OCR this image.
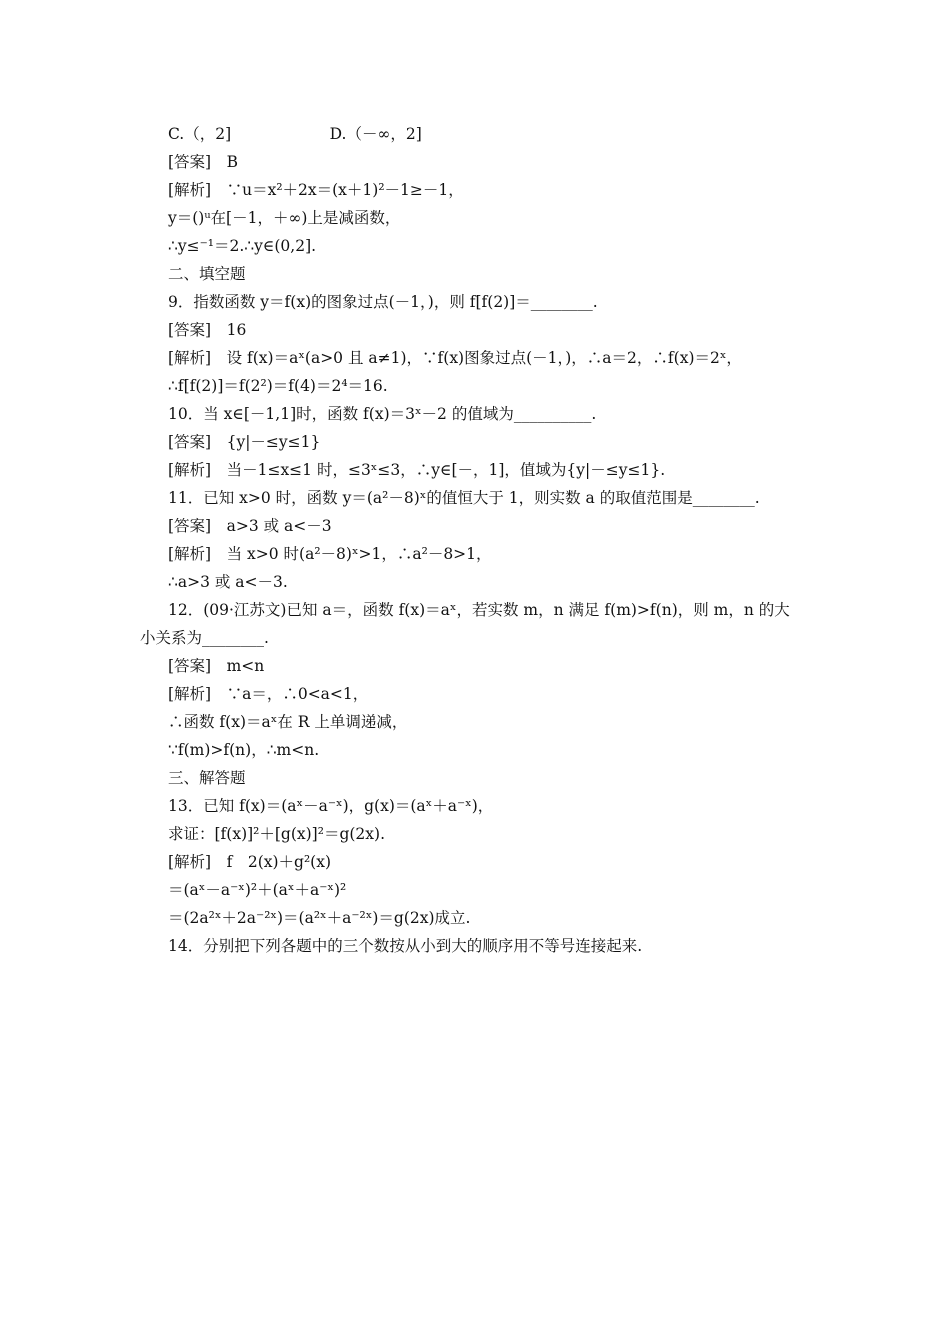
C.（，2]                    D.（－∞，2]
[答案]　B
[解析]　∵u＝x²＋2x＝(x＋1)²－1≥－1，
y＝()ᵘ在[－1，＋∞)上是减函数，
∴y≤⁻¹＝2.∴y∈(0,2].
二、填空题
9．指数函数 y＝f(x)的图象过点(－1，)，则 f[f(2)]＝________.
[答案]　16
[解析]　设 f(x)＝aˣ(a>0 且 a≠1)，∵f(x)图象过点(－1，)，∴a＝2，∴f(x)＝2ˣ，
∴f[f(2)]＝f(2²)＝f(4)＝2⁴＝16.
10．当 x∈[－1,1]时，函数 f(x)＝3ˣ－2 的值域为__________.
[答案]　{y|－≤y≤1}
[解析]　当－1≤x≤1 时，≤3ˣ≤3，∴y∈[－，1]，值域为{y|－≤y≤1}.
11．已知 x>0 时，函数 y＝(a²－8)ˣ的值恒大于 1，则实数 a 的取值范围是________.
[答案]　a>3 或 a<－3
[解析]　当 x>0 时(a²－8)ˣ>1，∴a²－8>1，
∴a>3 或 a<－3.
12．(09·江苏文)已知 a＝，函数 f(x)＝aˣ，若实数 m，n 满足 f(m)>f(n)，则 m，n 的大
小关系为________.
[答案]　m<n
[解析]　∵a＝，∴0<a<1，
∴函数 f(x)＝aˣ在 R 上单调递减，
∵f(m)>f(n)，∴m<n.
三、解答题
13．已知 f(x)＝(aˣ－a⁻ˣ)，g(x)＝(aˣ＋a⁻ˣ)，
求证：[f(x)]²＋[g(x)]²＝g(2x).
[解析]　f　2(x)＋g²(x)
＝(aˣ－a⁻ˣ)²＋(aˣ＋a⁻ˣ)²
＝(2a²ˣ＋2a⁻²ˣ)＝(a²ˣ＋a⁻²ˣ)＝g(2x)成立.
14．分别把下列各题中的三个数按从小到大的顺序用不等号连接起来.
